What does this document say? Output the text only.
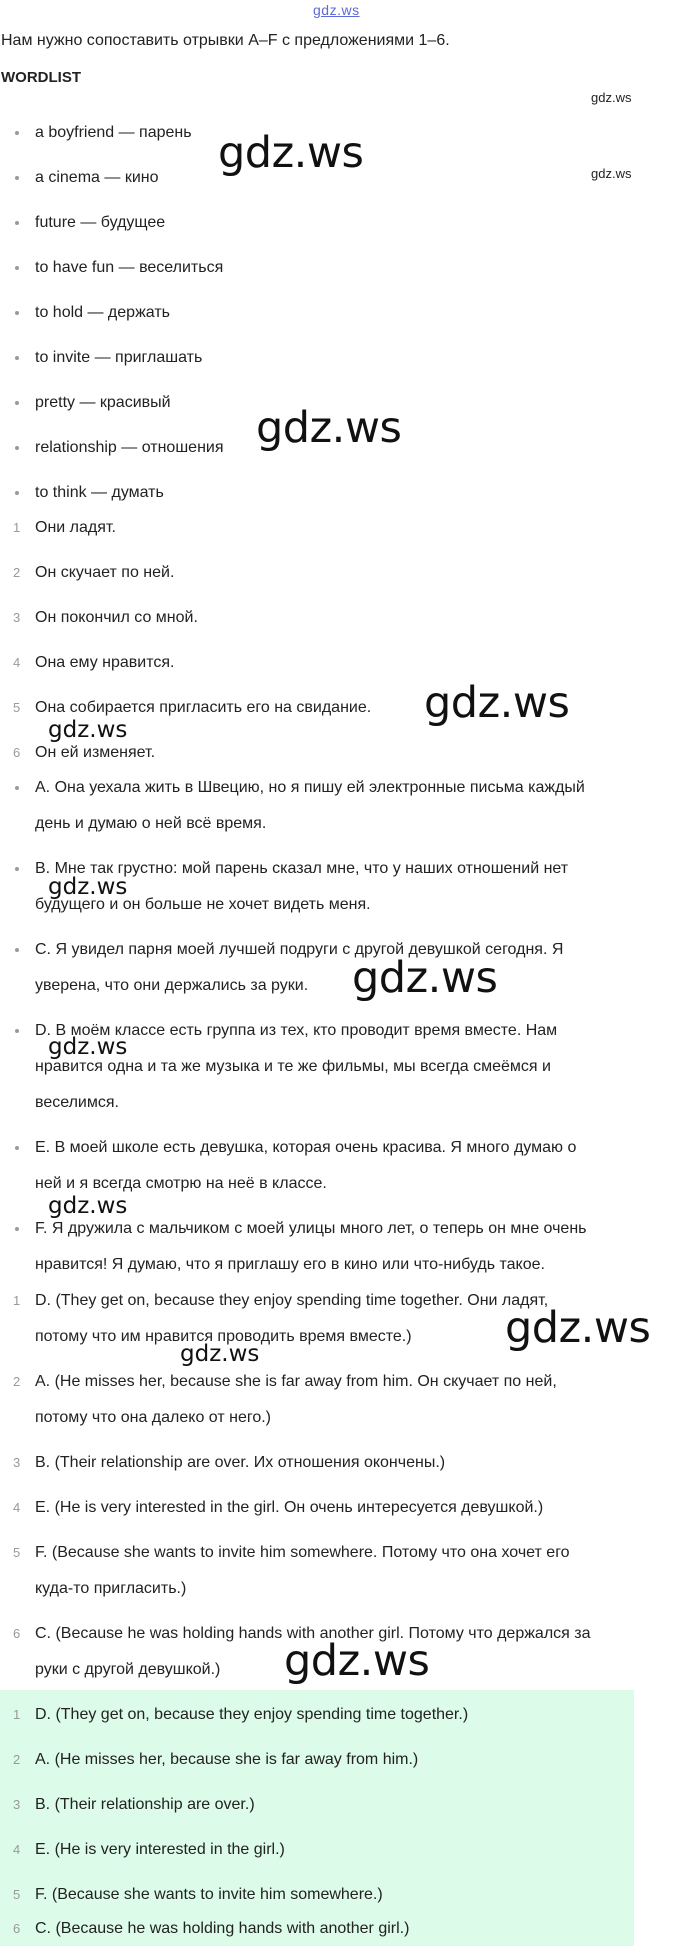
gdz.ws
Нам нужно сопоставить отрывки A–F с предложениями 1–6.
WORDLIST
gdz.ws
gdz.ws
a boyfriend — парень
a cinema — кино
future — будущее
to have fun — веселиться
to hold — держать
to invite — приглашать
pretty — красивый
relationship — отношения
to think — думать
1 Они ладят.
2 Он скучает по ней.
3 Он покончил со мной.
4 Она ему нравится.
5 Она собирается пригласить его на свидание.
6 Он ей изменяет.
A. Она уехала жить в Швецию, но я пишу ей электронные письма каждый
день и думаю о ней всё время.
B. Мне так грустно: мой парень сказал мне, что у наших отношений нет
будущего и он больше не хочет видеть меня.
C. Я увидел парня моей лучшей подруги с другой девушкой сегодня. Я
уверена, что они держались за руки.
D. В моём классе есть группа из тех, кто проводит время вместе. Нам
нравится одна и та же музыка и те же фильмы, мы всегда смеёмся и
веселимся.
E. В моей школе есть девушка, которая очень красива. Я много думаю о
ней и я всегда смотрю на неё в классе.
F. Я дружила с мальчиком с моей улицы много лет, о теперь он мне очень
нравится! Я думаю, что я приглашу его в кино или что-нибудь такое.
1 D. (They get on, because they enjoy spending time together. Они ладят,
потому что им нравится проводить время вместе.)
2 A. (He misses her, because she is far away from him. Он скучает по ней,
потому что она далеко от него.)
3 B. (Their relationship are over. Их отношения окончены.)
4 E. (He is very interested in the girl. Он очень интересуется девушкой.)
5 F. (Because she wants to invite him somewhere. Потому что она хочет его
куда-то пригласить.)
6 C. (Because he was holding hands with another girl. Потому что держался за
руки с другой девушкой.)
1 D. (They get on, because they enjoy spending time together.)
2 A. (He misses her, because she is far away from him.)
3 B. (Their relationship are over.)
4 E. (He is very interested in the girl.)
5 F. (Because she wants to invite him somewhere.)
6 C. (Because he was holding hands with another girl.)
gdz.ws
gdz.ws
gdz.ws
gdz.ws
gdz.ws
gdz.ws
gdz.ws
gdz.ws
gdz.ws
gdz.ws
gdz.ws
